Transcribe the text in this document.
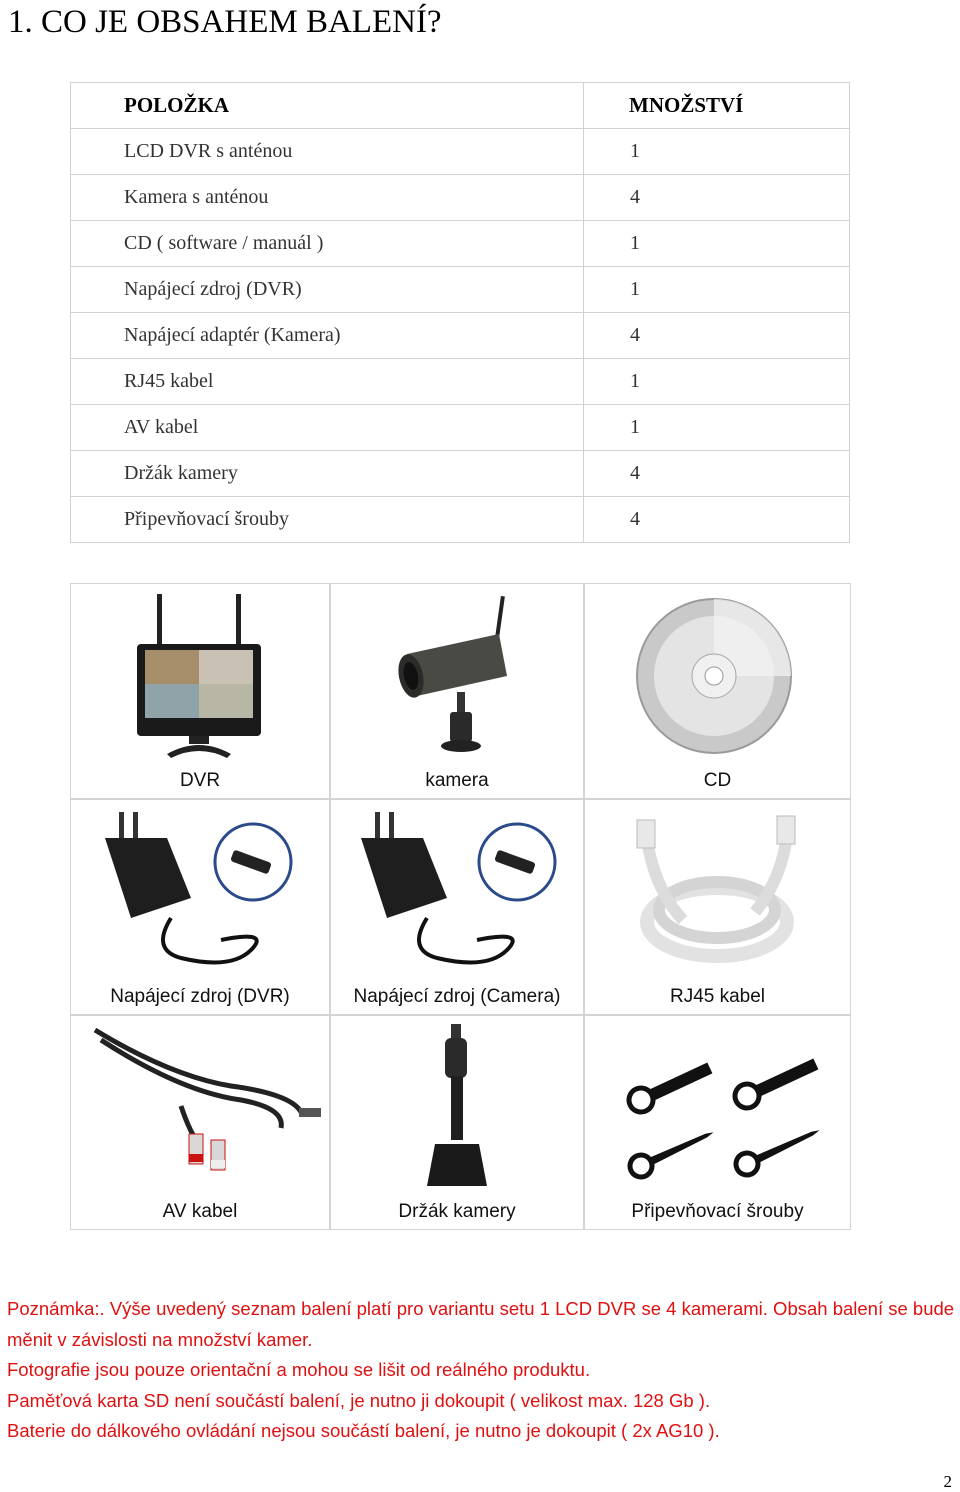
1. CO JE OBSAHEM BALENÍ?
POLOŽKA	MNOŽSTVÍ
LCD DVR s anténou	1
Kamera s anténou	4
CD ( software / manuál )	1
Napájecí zdroj (DVR)	1
Napájecí adaptér (Kamera)	4
RJ45 kabel	1
AV kabel	1
Držák kamery	4
Připevňovací šrouby	4
DVR	kamera	CD
Napájecí zdroj (DVR)	Napájecí zdroj (Camera)	RJ45 kabel
AV kabel	Držák kamery	Připevňovací šrouby

Poznámka:. Výše uvedený seznam balení platí pro variantu setu 1 LCD DVR se 4 kamerami. Obsah balení se bude měnit v závislosti na množství kamer.

Fotografie jsou pouze orientační a mohou se lišit od reálného produktu.

Paměťová karta SD není součástí balení, je nutno ji dokoupit ( velikost max. 128 Gb ).

Baterie do dálkového ovládání nejsou součástí balení, je nutno je dokoupit ( 2x AG10 ).

2
